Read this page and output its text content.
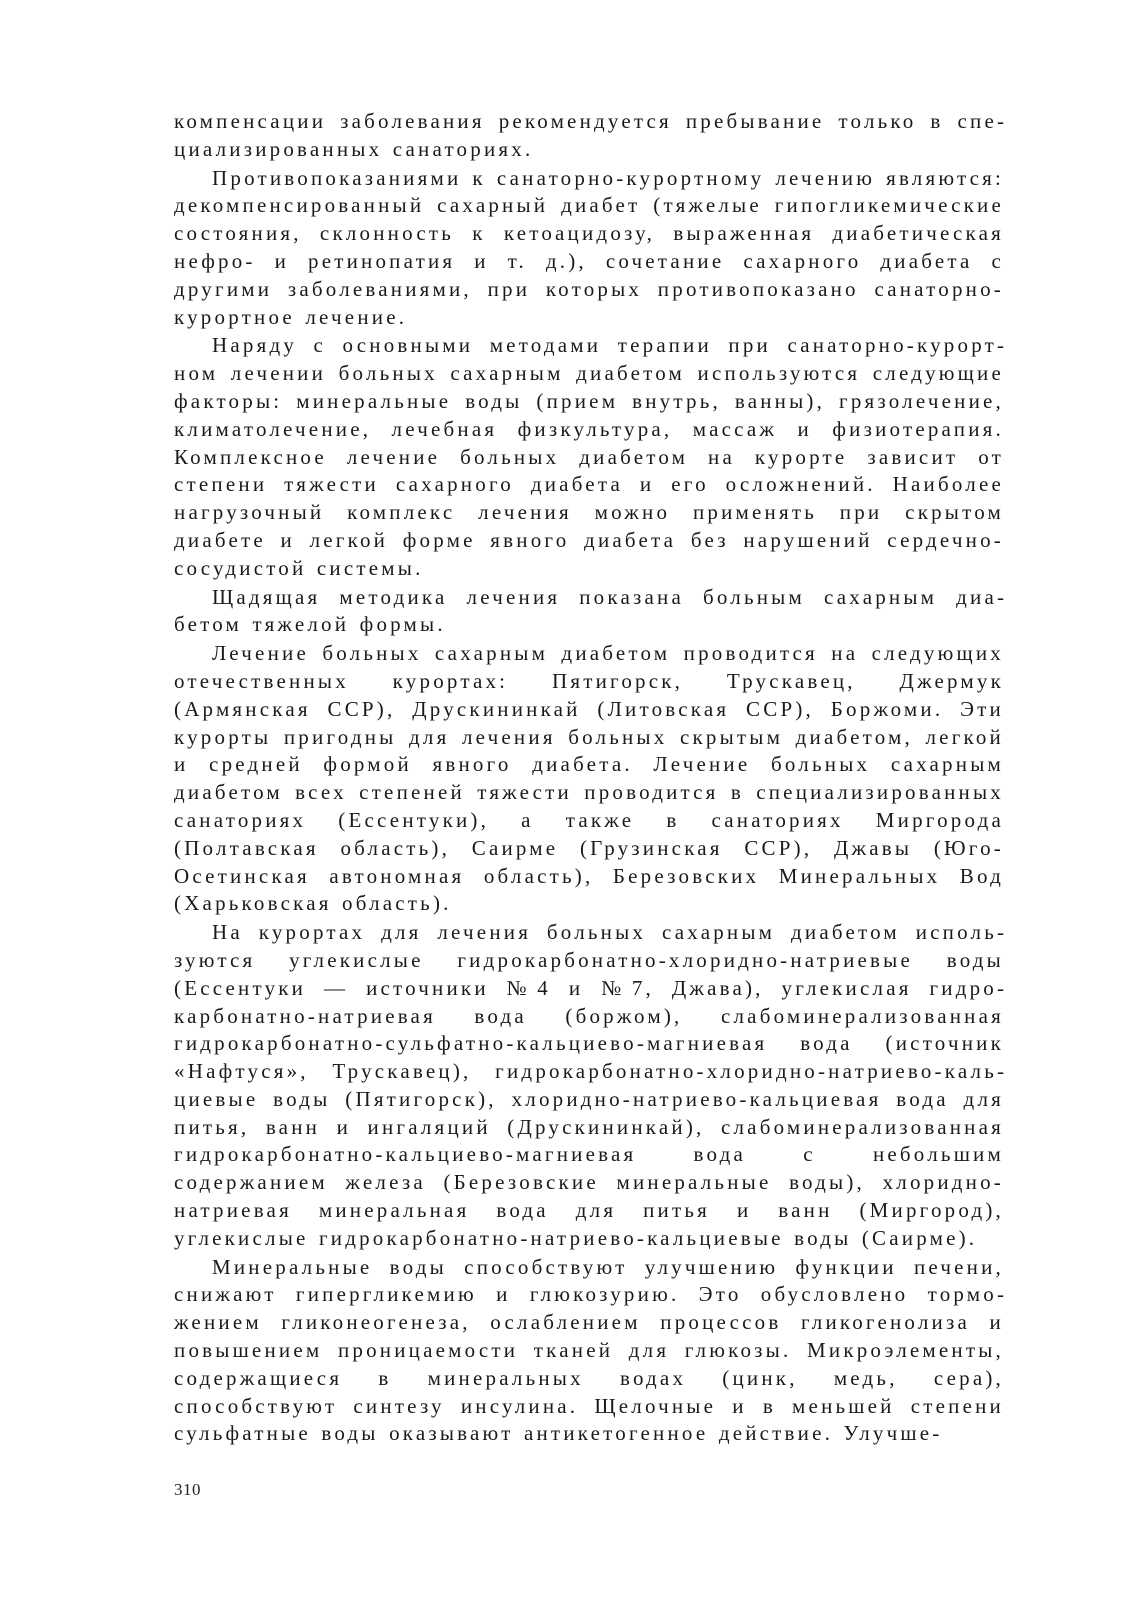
компенсации заболевания рекомендуется пребывание только в специализированных санаториях.

Противопоказаниями к санаторно-курортному лечению являются: декомпенсированный сахарный диабет (тяжелые гипогликемические состояния, склонность к кетоацидозу, выраженная диабетическая нефро- и ретинопатия и т. д.), сочетание сахарного диабета с другими заболеваниями, при которых противопоказано санаторно-курортное лечение.

Наряду с основными методами терапии при санаторно-курортном лечении больных сахарным диабетом используются следующие факторы: минеральные воды (прием внутрь, ванны), грязолечение, климатолечение, лечебная физкультура, массаж и физиотерапия. Комплексное лечение больных диабетом на курорте зависит от степени тяжести сахарного диабета и его осложнений. Наиболее нагрузочный комплекс лечения можно применять при скрытом диабете и легкой форме явного диабета без нарушений сердечно-сосудистой системы.

Щадящая методика лечения показана больным сахарным диабетом тяжелой формы.

Лечение больных сахарным диабетом проводится на следующих отечественных курортах: Пятигорск, Трускавец, Джермук (Армянская ССР), Друскининкай (Литовская ССР), Боржоми. Эти курорты пригодны для лечения больных скрытым диабетом, легкой и средней формой явного диабета. Лечение больных сахарным диабетом всех степеней тяжести проводится в специализированных санаториях (Ессентуки), а также в санаториях Миргорода (Полтавская область), Саирме (Грузинская ССР), Джавы (Юго-Осетинская автономная область), Березовских Минеральных Вод (Харьковская область).

На курортах для лечения больных сахарным диабетом используются углекислые гидрокарбонатно-хлоридно-натриевые воды (Ессентуки — источники №4 и №7, Джава), углекислая гидрокарбонатно-натриевая вода (боржом), слабоминерализованная гидрокарбонатно-сульфатно-кальциево-магниевая вода (источник «Нафтуся», Трускавец), гидрокарбонатно-хлоридно-натриево-кальциевые воды (Пятигорск), хлоридно-натриево-кальциевая вода для питья, ванн и ингаляций (Друскининкай), слабоминерализованная гидрокарбонатно-кальциево-магниевая вода с небольшим содержанием железа (Березовские минеральные воды), хлоридно-натриевая минеральная вода для питья и ванн (Миргород), углекислые гидрокарбонатно-натриево-кальциевые воды (Саирме).

Минеральные воды способствуют улучшению функции печени, снижают гипергликемию и глюкозурию. Это обусловлено торможением гликонеогенеза, ослаблением процессов гликогенолиза и повышением проницаемости тканей для глюкозы. Микроэлементы, содержащиеся в минеральных водах (цинк, медь, сера), способствуют синтезу инсулина. Щелочные и в меньшей степени сульфатные воды оказывают антикетогенное действие. Улучше-

310
